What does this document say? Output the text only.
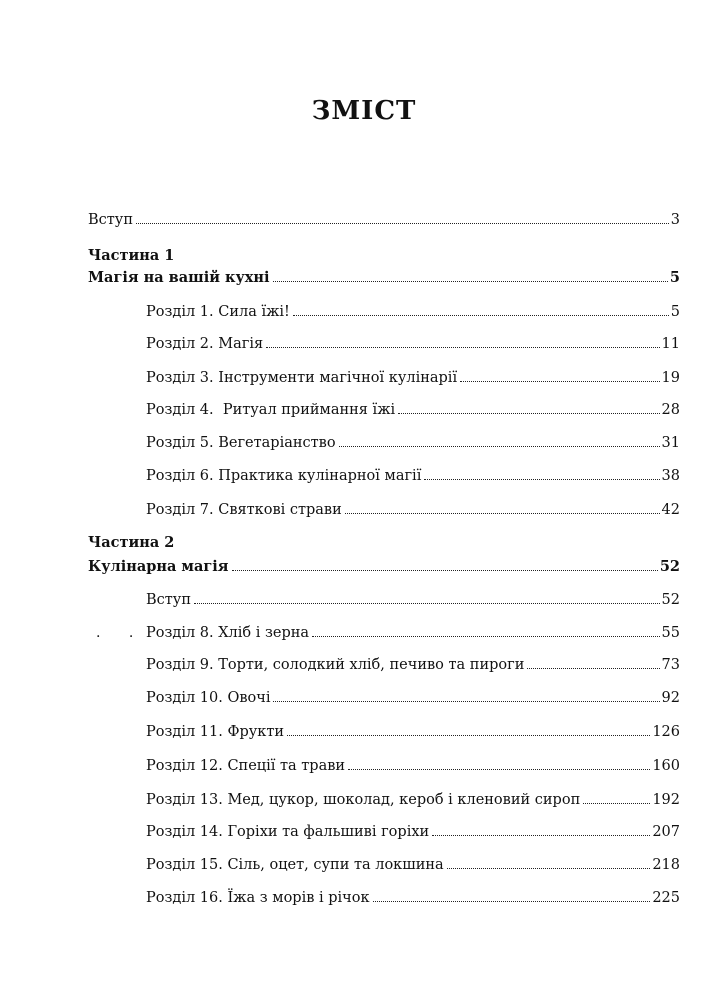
ЗМІСТ
Вступ	3
Частина 1
Магія на вашій кухні	5
Розділ 1. Сила їжі!	5
Розділ 2. Магія	11
Розділ 3. Інструменти магічної кулінарії	19
Розділ 4.  Ритуал приймання їжі	28
Розділ 5. Вегетаріанство	31
Розділ 6. Практика кулінарної магії	38
Розділ 7. Святкові страви	42
Частина 2
Кулінарна магія	52
Вступ	52
. . Розділ 8. Хліб і зерна	55
Розділ 9. Торти, солодкий хліб, печиво та пироги	73
Розділ 10. Овочі	92
Розділ 11. Фрукти	126
Розділ 12. Спеції та трави	160
Розділ 13. Мед, цукор, шоколад, кероб і кленовий сироп	192
Розділ 14. Горіхи та фальшиві горіхи	207
Розділ 15. Сіль, оцет, супи та локшина	218
Розділ 16. Їжа з морів і річок	225
